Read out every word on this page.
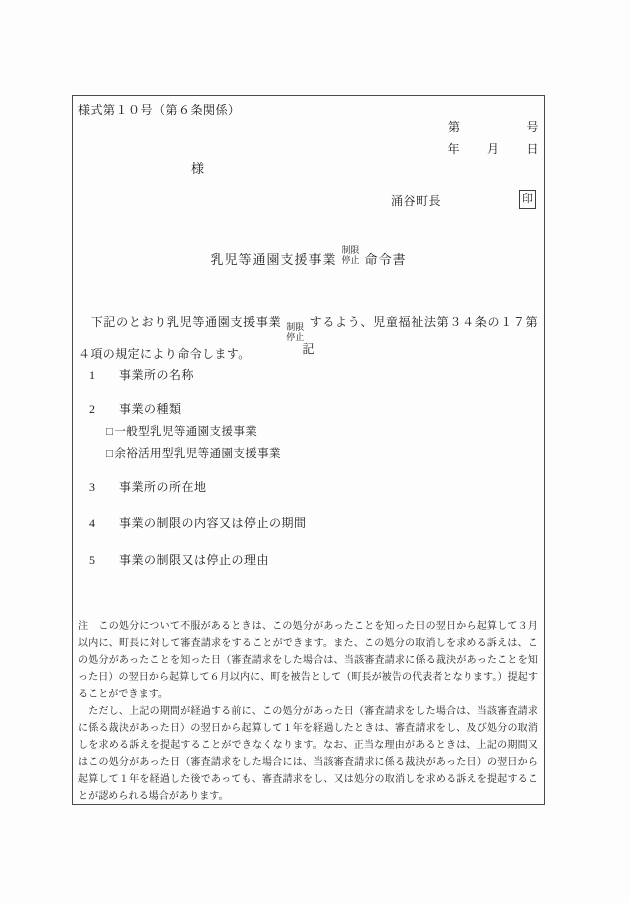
様式第１０号（第６条関係）
第	号
年 月 日
様
涌谷町長	印
乳児等通園支援事業
制限
停止 命令書

　下記のとおり乳児等通園支援事業 制限
停止
するよう、児童福祉法第３４条の１７第４項の規定により命令します。	記
1 事業所の名称
2 事業の種類
□一般型乳児等通園支援事業
□余裕活用型乳児等通園支援事業
3 事業所の所在地
4 事業の制限の内容又は停止の期間
5 事業の制限又は停止の理由

注　この処分について不服があるときは、この処分があったことを知った日の翌日から起算して３月以内に、町長に対して審査請求をすることができます。また、この処分の取消しを求める訴えは、この処分があったことを知った日（審査請求をした場合は、当該審査請求に係る裁決があったことを知った日）の翌日から起算して６月以内に、町を被告として（町長が被告の代表者となります。）提起することができます。

　ただし、上記の期間が経過する前に、この処分があった日（審査請求をした場合は、当該審査請求に係る裁決があった日）の翌日から起算して１年を経過したときは、審査請求をし、及び処分の取消しを求める訴えを提起することができなくなります。なお、正当な理由があるときは、上記の期間又はこの処分があった日（審査請求をした場合には、当該審査請求に係る裁決があった日）の翌日から起算して１年を経過した後であっても、審査請求をし、又は処分の取消しを求める訴えを提起することが認められる場合があります。
